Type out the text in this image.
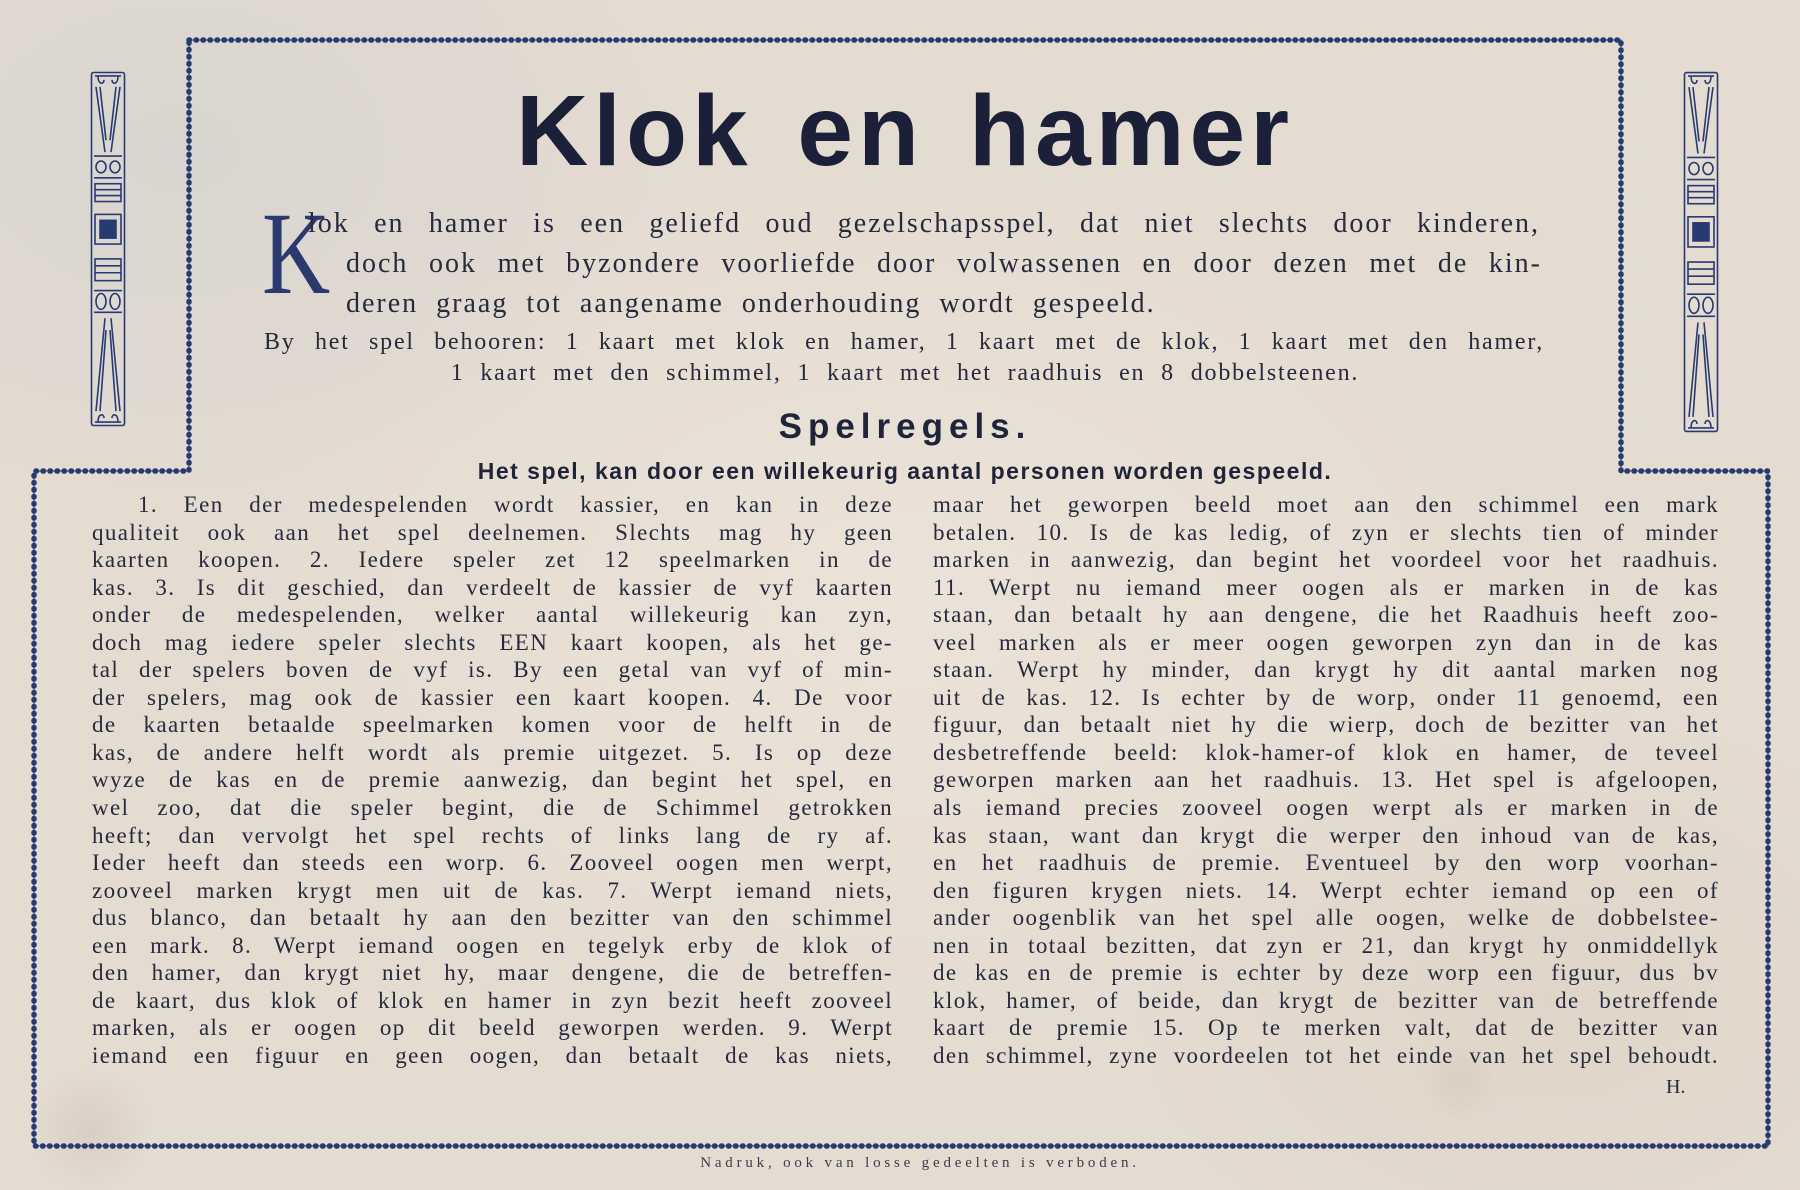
Klok en hamer
K
lok en hamer is een geliefd oud gezelschapsspel, dat niet slechts door kinderen,
doch ook met byzondere voorliefde door volwassenen en door dezen met de kin-
deren graag tot aangename onderhouding wordt gespeeld.
By het spel behooren: 1 kaart met klok en hamer, 1 kaart met de klok, 1 kaart met den hamer,
1 kaart met den schimmel, 1 kaart met het raadhuis en 8 dobbelsteenen.
Spelregels.
Het spel, kan door een willekeurig aantal personen worden gespeeld.
1. Een der medespelenden wordt kassier, en kan in deze
qualiteit ook aan het spel deelnemen. Slechts mag hy geen
kaarten koopen. 2. Iedere speler zet 12 speelmarken in de
kas. 3. Is dit geschied, dan verdeelt de kassier de vyf kaarten
onder de medespelenden, welker aantal willekeurig kan zyn,
doch mag iedere speler slechts EEN kaart koopen, als het ge-
tal der spelers boven de vyf is. By een getal van vyf of min-
der spelers, mag ook de kassier een kaart koopen. 4. De voor
de kaarten betaalde speelmarken komen voor de helft in de
kas, de andere helft wordt als premie uitgezet. 5. Is op deze
wyze de kas en de premie aanwezig, dan begint het spel, en
wel zoo, dat die speler begint, die de Schimmel getrokken
heeft; dan vervolgt het spel rechts of links lang de ry af.
Ieder heeft dan steeds een worp. 6. Zooveel oogen men werpt,
zooveel marken krygt men uit de kas. 7. Werpt iemand niets,
dus blanco, dan betaalt hy aan den bezitter van den schimmel
een mark. 8. Werpt iemand oogen en tegelyk erby de klok of
den hamer, dan krygt niet hy, maar dengene, die de betreffen-
de kaart, dus klok of klok en hamer in zyn bezit heeft zooveel
marken, als er oogen op dit beeld geworpen werden. 9. Werpt
iemand een figuur en geen oogen, dan betaalt de kas niets,
maar het geworpen beeld moet aan den schimmel een mark
betalen. 10. Is de kas ledig, of zyn er slechts tien of minder
marken in aanwezig, dan begint het voordeel voor het raadhuis.
11. Werpt nu iemand meer oogen als er marken in de kas
staan, dan betaalt hy aan dengene, die het Raadhuis heeft zoo-
veel marken als er meer oogen geworpen zyn dan in de kas
staan. Werpt hy minder, dan krygt hy dit aantal marken nog
uit de kas. 12. Is echter by de worp, onder 11 genoemd, een
figuur, dan betaalt niet hy die wierp, doch de bezitter van het
desbetreffende beeld: klok-hamer-of klok en hamer, de teveel
geworpen marken aan het raadhuis. 13. Het spel is afgeloopen,
als iemand precies zooveel oogen werpt als er marken in de
kas staan, want dan krygt die werper den inhoud van de kas,
en het raadhuis de premie. Eventueel by den worp voorhan-
den figuren krygen niets. 14. Werpt echter iemand op een of
ander oogenblik van het spel alle oogen, welke de dobbelstee-
nen in totaal bezitten, dat zyn er 21, dan krygt hy onmiddellyk
de kas en de premie is echter by deze worp een figuur, dus bv
klok, hamer, of beide, dan krygt de bezitter van de betreffende
kaart de premie 15. Op te merken valt, dat de bezitter van
den schimmel, zyne voordeelen tot het einde van het spel behoudt.
H.
Nadruk, ook van losse gedeelten is verboden.
